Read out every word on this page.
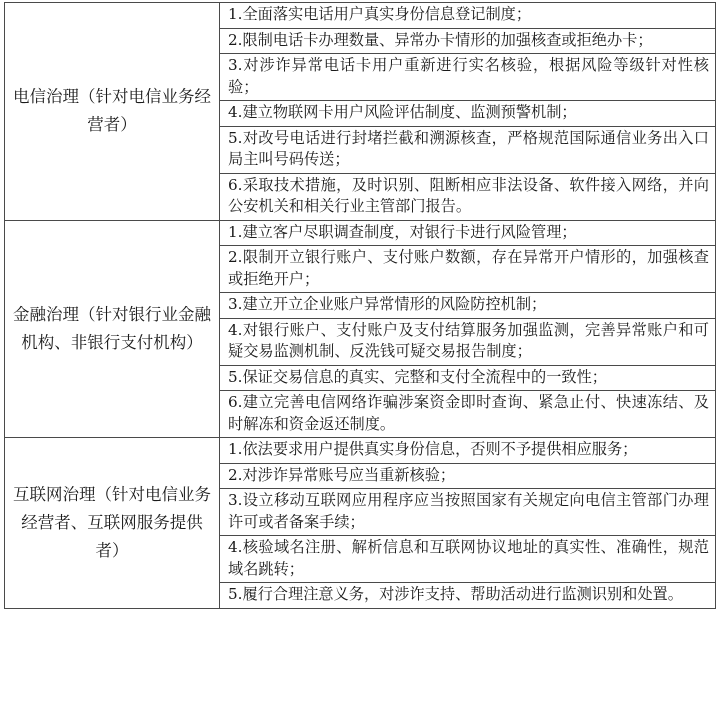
电信治理（针对电信业务经营者）	1.全面落实电话用户真实身份信息登记制度；
	2.限制电话卡办理数量、异常办卡情形的加强核查或拒绝办卡；
	3.对涉诈异常电话卡用户重新进行实名核验，根据风险等级针对性核验；
	4.建立物联网卡用户风险评估制度、监测预警机制；
	5.对改号电话进行封堵拦截和溯源核查，严格规范国际通信业务出入口局主叫号码传送；
	6.采取技术措施，及时识别、阻断相应非法设备、软件接入网络，并向公安机关和相关行业主管部门报告。
金融治理（针对银行业金融机构、非银行支付机构）	1.建立客户尽职调查制度，对银行卡进行风险管理；
	2.限制开立银行账户、支付账户数额，存在异常开户情形的，加强核查或拒绝开户；
	3.建立开立企业账户异常情形的风险防控机制；
	4.对银行账户、支付账户及支付结算服务加强监测，完善异常账户和可疑交易监测机制、反洗钱可疑交易报告制度；
	5.保证交易信息的真实、完整和支付全流程中的一致性；
	6.建立完善电信网络诈骗涉案资金即时查询、紧急止付、快速冻结、及时解冻和资金返还制度。
互联网治理（针对电信业务经营者、互联网服务提供者）	1.依法要求用户提供真实身份信息，否则不予提供相应服务；
	2.对涉诈异常账号应当重新核验；
	3.设立移动互联网应用程序应当按照国家有关规定向电信主管部门办理许可或者备案手续；
	4.核验域名注册、解析信息和互联网协议地址的真实性、准确性，规范域名跳转；
	5.履行合理注意义务，对涉诈支持、帮助活动进行监测识别和处置。
